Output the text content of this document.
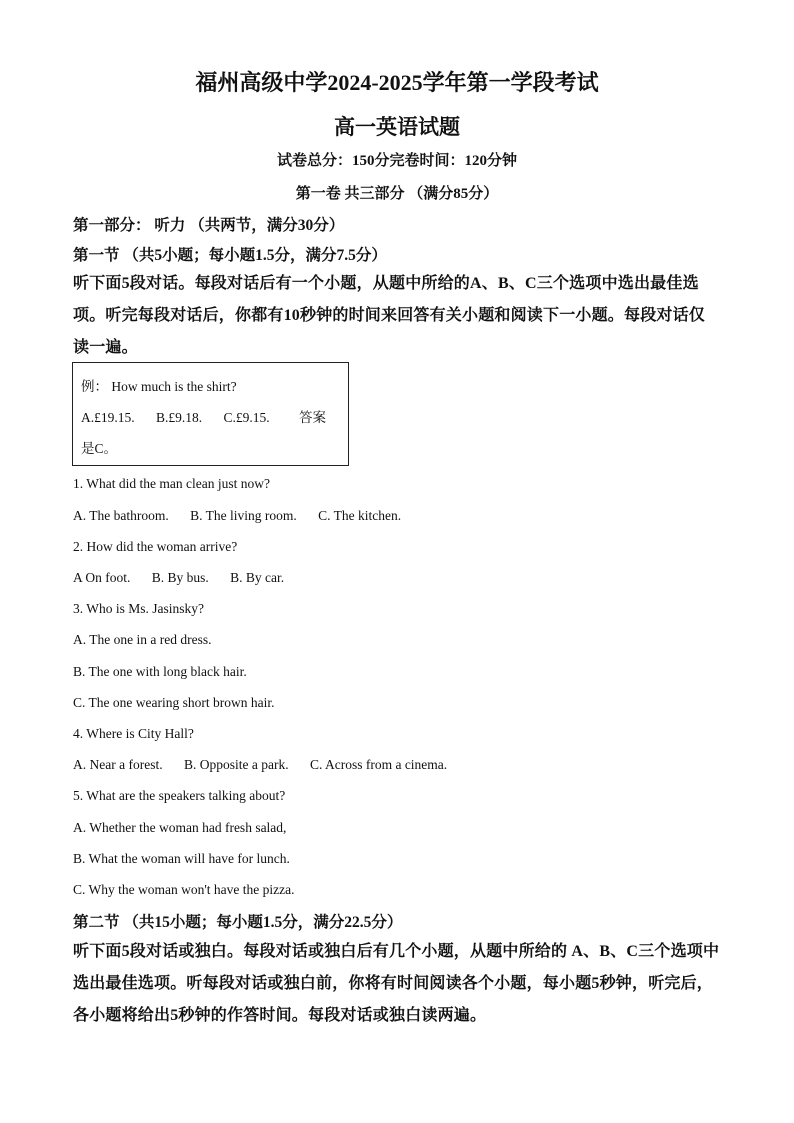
福州高级中学2024-2025学年第一学段考试
高一英语试题
试卷总分：150分完卷时间：120分钟
第一卷 共三部分 （满分85分）
第一部分： 听力 （共两节，满分30分）
第一节 （共5小题；每小题1.5分，满分7.5分）
听下面5段对话。每段对话后有一个小题，从题中所给的A、B、C三个选项中选出最佳选项。听完每段对话后，你都有10秒钟的时间来回答有关小题和阅读下一小题。每段对话仅读一遍。
例： How much is the shirt?
A.£19.15. B.£9.18. C.£9.15. 答案
是C。
1. What did the man clean just now?
A. The bathroom. B. The living room. C. The kitchen.
2. How did the woman arrive?
A On foot. B. By bus. B. By car.
3. Who is Ms. Jasinsky?
A. The one in a red dress.
B. The one with long black hair.
C. The one wearing short brown hair.
4. Where is City Hall?
A. Near a forest. B. Opposite a park. C. Across from a cinema.
5. What are the speakers talking about?
A. Whether the woman had fresh salad,
B. What the woman will have for lunch.
C. Why the woman won't have the pizza.
第二节 （共15小题；每小题1.5分，满分22.5分）
听下面5段对话或独白。每段对话或独白后有几个小题，从题中所给的 A、B、C三个选项中选出最佳选项。听每段对话或独白前，你将有时间阅读各个小题，每小题5秒钟，听完后，各小题将给出5秒钟的作答时间。每段对话或独白读两遍。
